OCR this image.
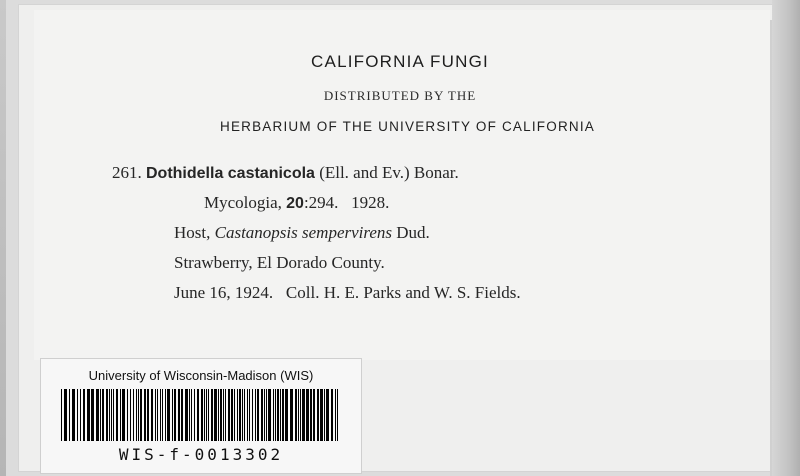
CALIFORNIA FUNGI
DISTRIBUTED BY THE
HERBARIUM OF THE UNIVERSITY OF CALIFORNIA
261. Dothidella castanicola (Ell. and Ev.) Bonar.
Mycologia, 20:294.   1928.
Host, Castanopsis sempervirens Dud.
Strawberry, El Dorado County.
June 16, 1924.   Coll. H. E. Parks and W. S. Fields.
University of Wisconsin-Madison (WIS)
WIS-f-0013302
